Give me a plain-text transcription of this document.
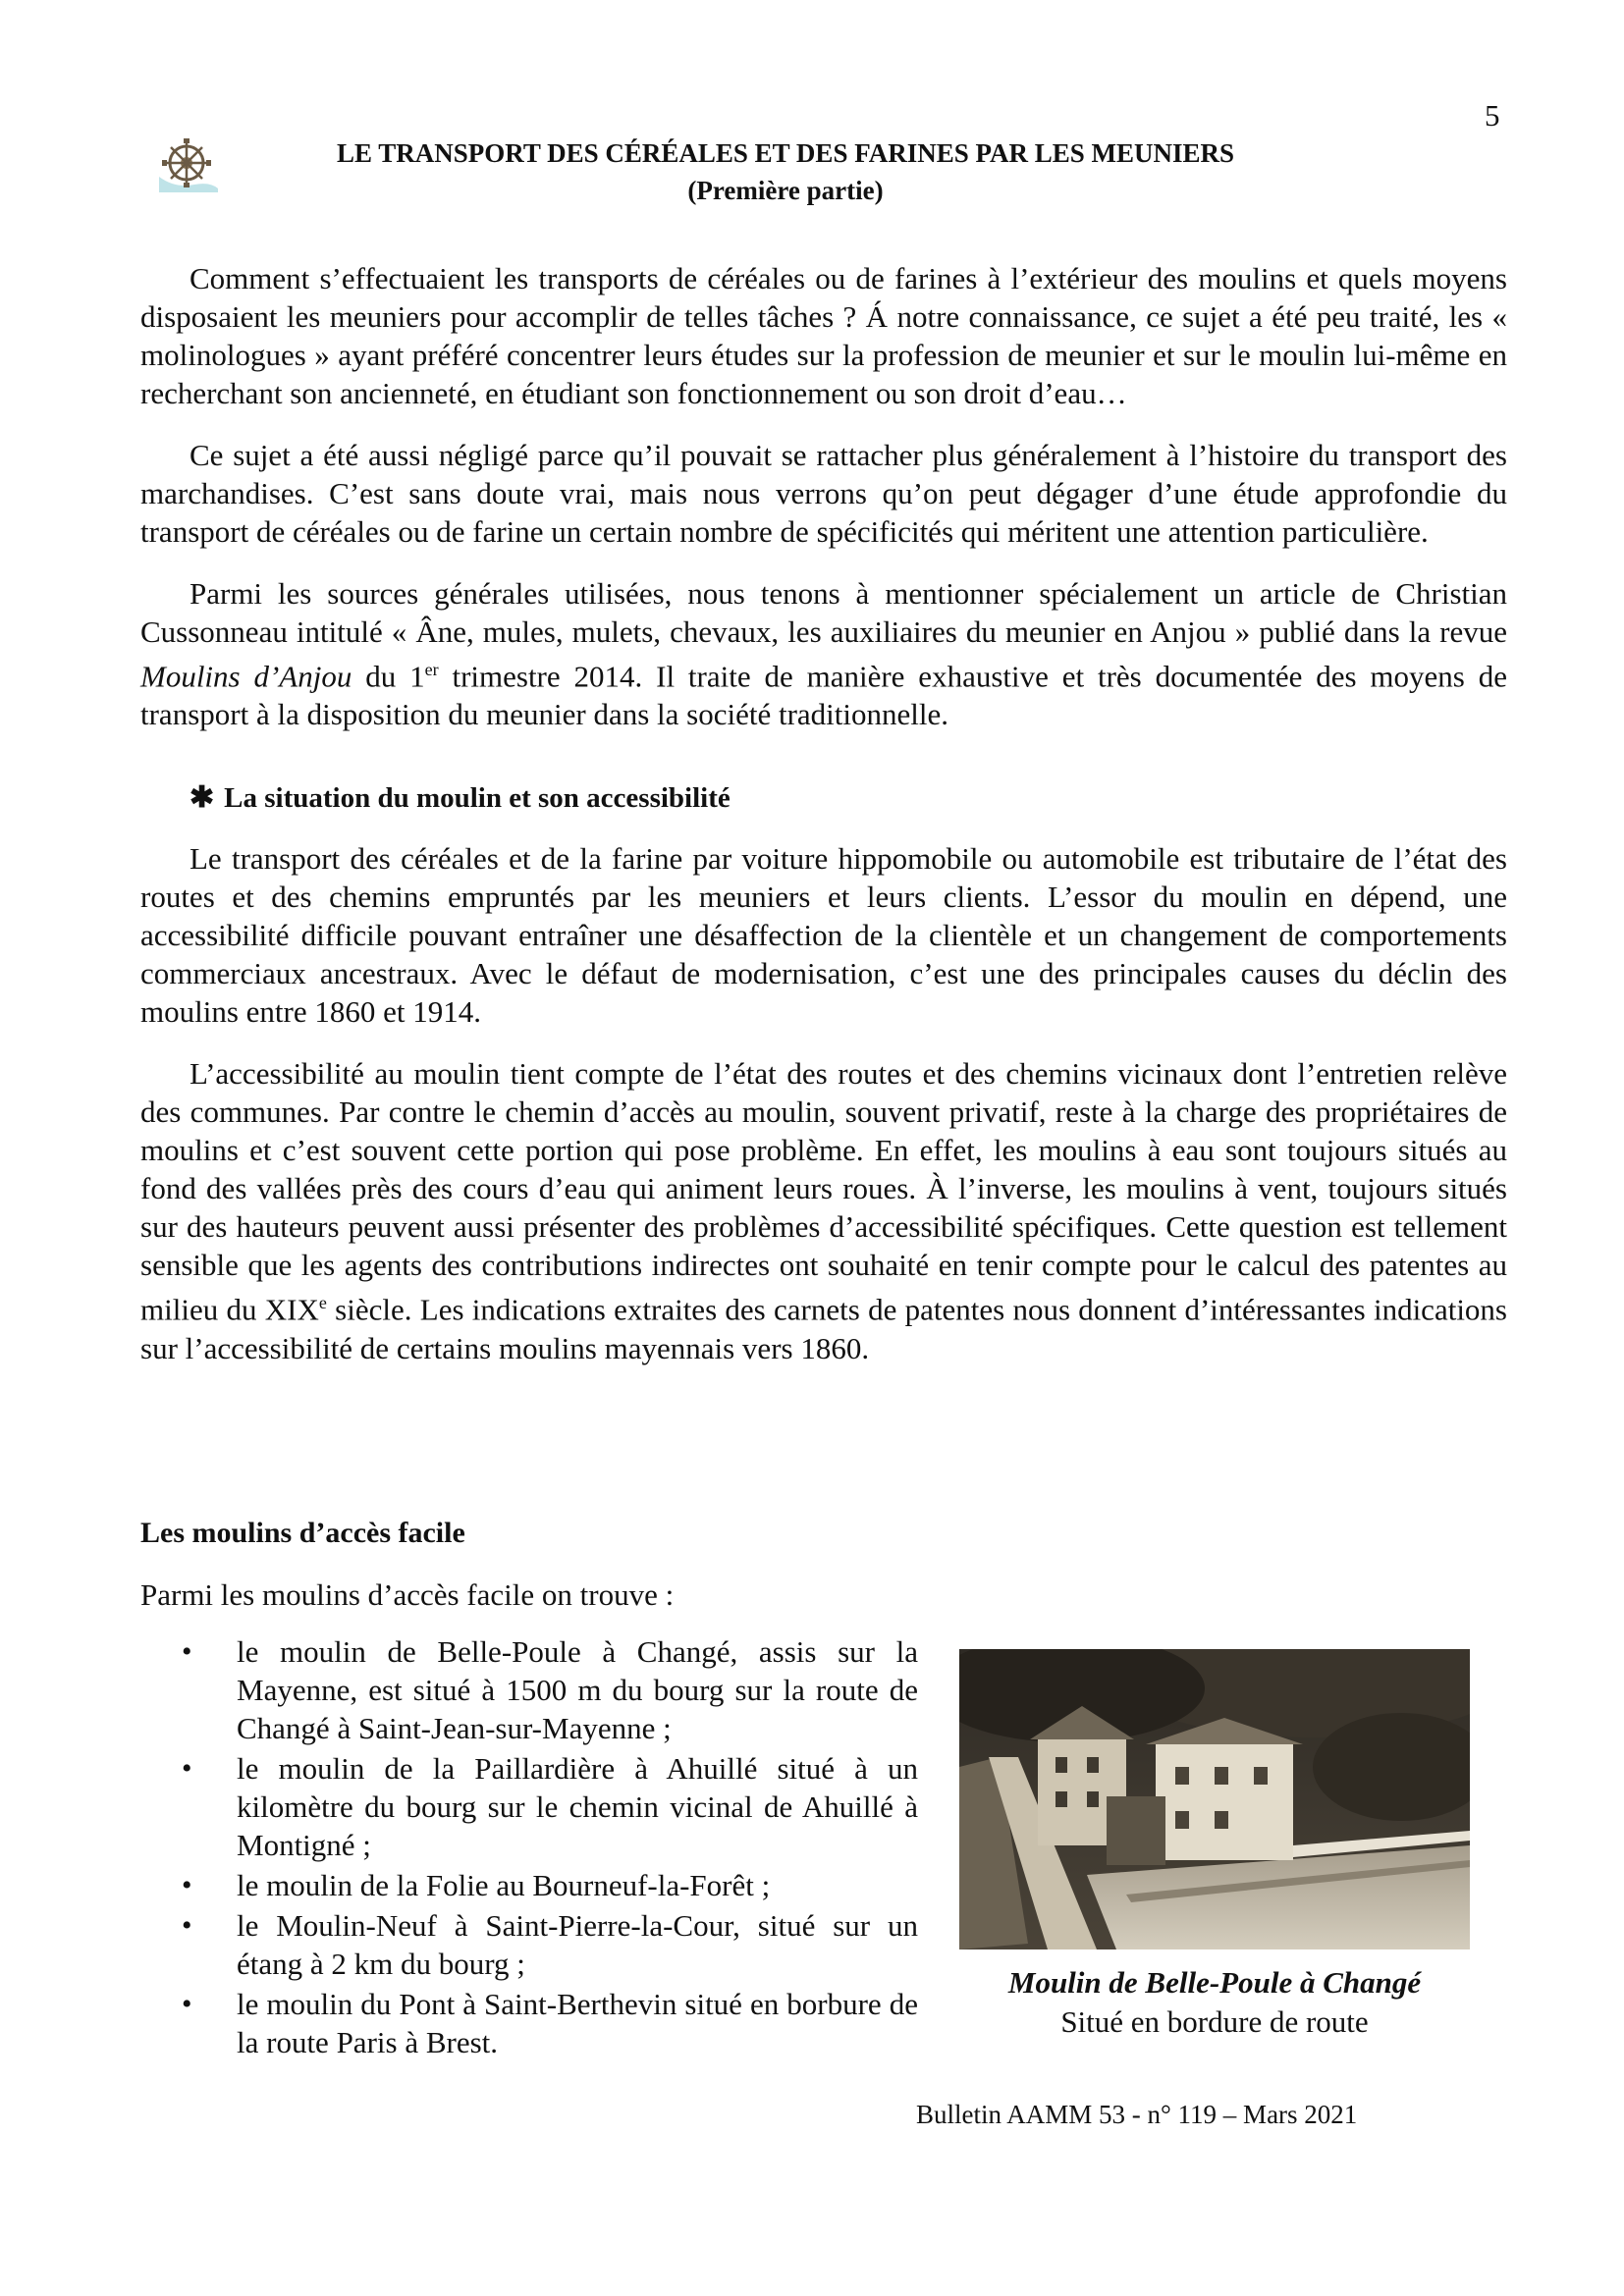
5
LE TRANSPORT DES CÉRÉALES ET DES FARINES PAR LES MEUNIERS
(Première partie)

Comment s’effectuaient les transports de céréales ou de farines à l’extérieur des moulins et quels moyens disposaient les meuniers pour accomplir de telles tâches ? Á notre connaissance, ce sujet a été peu traité, les « molinologues » ayant préféré concentrer leurs études sur la profession de meunier et sur le moulin lui-même en recherchant son ancienneté, en étudiant son fonctionnement ou son droit d’eau…

Ce sujet a été aussi négligé parce qu’il pouvait se rattacher plus généralement à l’histoire du transport des marchandises. C’est sans doute vrai, mais nous verrons qu’on peut dégager d’une étude approfondie du transport de céréales ou de farine un certain nombre de spécificités qui méritent une attention particulière.

Parmi les sources générales utilisées, nous tenons à mentionner spécialement un article de Christian Cussonneau intitulé « Âne, mules, mulets, chevaux, les auxiliaires du meunier en Anjou » publié dans la revue Moulins d’Anjou du 1er trimestre 2014. Il traite de manière exhaustive et très documentée des moyens de transport à la disposition du meunier dans la société traditionnelle.

✱ La situation du moulin et son accessibilité

Le transport des céréales et de la farine par voiture hippomobile ou automobile est tributaire de l’état des routes et des chemins empruntés par les meuniers et leurs clients. L’essor du moulin en dépend, une accessibilité difficile pouvant entraîner une désaffection de la clientèle et un changement de comportements commerciaux ancestraux. Avec le défaut de modernisation, c’est une des principales causes du déclin des moulins entre 1860 et 1914.

L’accessibilité au moulin tient compte de l’état des routes et des chemins vicinaux dont l’entretien relève des communes. Par contre le chemin d’accès au moulin, souvent privatif, reste à la charge des propriétaires de moulins et c’est souvent cette portion qui pose problème. En effet, les moulins à eau sont toujours situés au fond des vallées près des cours d’eau qui animent leurs roues. À l’inverse, les moulins à vent, toujours situés sur des hauteurs peuvent aussi présenter des problèmes d’accessibilité spécifiques. Cette question est tellement sensible que les agents des contributions indirectes ont souhaité en tenir compte pour le calcul des patentes au milieu du XIXe siècle. Les indications extraites des carnets de patentes nous donnent d’intéressantes indications sur l’accessibilité de certains moulins mayennais vers 1860.

Les moulins d’accès facile
Parmi les moulins d’accès facile on trouve :
• le moulin de Belle-Poule à Changé, assis sur la Mayenne, est situé à 1500 m du bourg sur la route de Changé à Saint-Jean-sur-Mayenne ;
• le moulin de la Paillardière à Ahuillé situé à un kilomètre du bourg sur le chemin vicinal de Ahuillé à Montigné ;
• le moulin de la Folie au Bourneuf-la-Forêt ;
• le Moulin-Neuf à Saint-Pierre-la-Cour, situé sur un étang à 2 km du bourg ;
• le moulin du Pont à Saint-Berthevin situé en borbure de la route Paris à Brest.
Moulin de Belle-Poule à Changé
Situé en bordure de route
Bulletin AAMM 53 - n° 119 – Mars 2021
